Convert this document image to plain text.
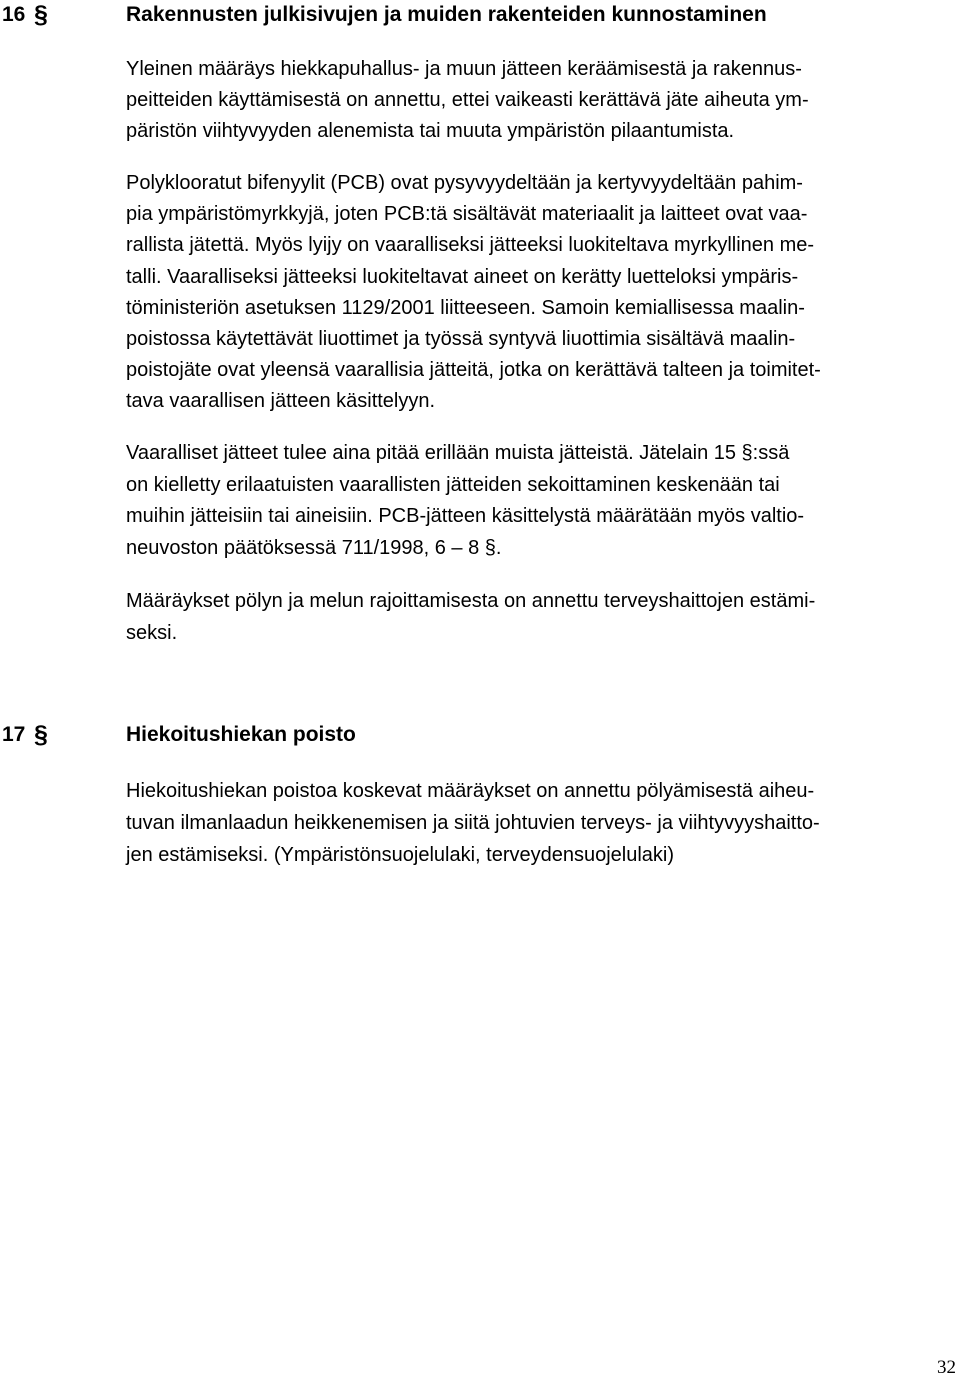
16 §	Rakennusten julkisivujen ja muiden rakenteiden kunnostaminen

Yleinen määräys hiekkapuhallus- ja muun jätteen keräämisestä ja rakennus-
peitteiden käyttämisestä on annettu, ettei vaikeasti kerättävä jäte aiheuta ym-
päristön viihtyvyyden alenemista tai muuta ympäristön pilaantumista.

Polyklooratut bifenyylit (PCB) ovat pysyvyydeltään ja kertyvyydeltään pahim-
pia ympäristömyrkkyjä, joten PCB:tä sisältävät materiaalit ja laitteet ovat vaa-
rallista jätettä. Myös lyijy on vaaralliseksi jätteeksi luokiteltava myrkyllinen me-
talli. Vaaralliseksi jätteeksi luokiteltavat aineet on kerätty luetteloksi ympäris-
töministeriön asetuksen 1129/2001 liitteeseen. Samoin kemiallisessa maalin-
poistossa käytettävät liuottimet ja työssä syntyvä liuottimia sisältävä maalin-
poistojäte ovat yleensä vaarallisia jätteitä, jotka on kerättävä talteen ja toimitet-
tava vaarallisen jätteen käsittelyyn.

Vaaralliset jätteet tulee aina pitää erillään muista jätteistä. Jätelain 15 §:ssä
on kielletty erilaatuisten vaarallisten jätteiden sekoittaminen keskenään tai
muihin jätteisiin tai aineisiin. PCB-jätteen käsittelystä määrätään myös valtio-
neuvoston päätöksessä 711/1998, 6 – 8 §.

Määräykset pölyn ja melun rajoittamisesta on annettu terveyshaittojen estämi-
seksi.

17 §	Hiekoitushiekan poisto

Hiekoitushiekan poistoa koskevat määräykset on annettu pölyämisestä aiheu-
tuvan ilmanlaadun heikkenemisen ja siitä johtuvien terveys- ja viihtyvyyshaitto-
jen estämiseksi. (Ympäristönsuojelulaki, terveydensuojelulaki)

32
